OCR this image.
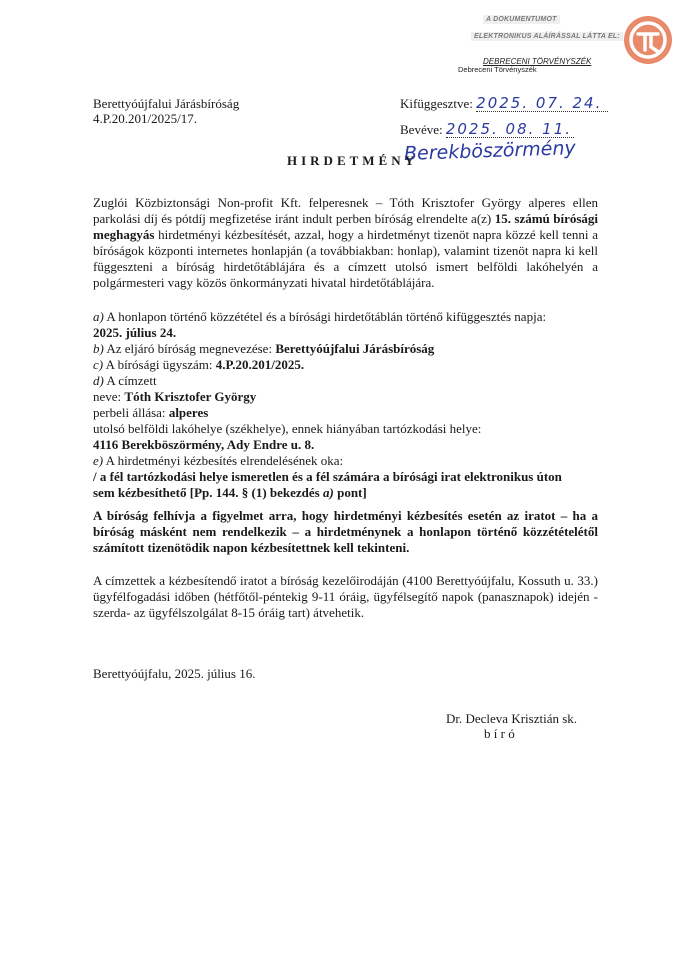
A DOKUMENTUMOT
ELEKTRONIKUS ALÁÍRÁSSAL LÁTTA EL:
DEBRECENI TÖRVÉNYSZÉK
Debreceni Törvényszék
Berettyóújfalui Járásbíróság
4.P.20.201/2025/17.
Kifüggesztve: 2025. 07. 24.
Bevéve: 2025. 08. 11.
Berekböszörmény
HIRDETMÉNY
Zuglói Közbiztonsági Non-profit Kft. felperesnek – Tóth Krisztofer György alperes ellen parkolási díj és pótdíj megfizetése iránt indult perben bíróság elrendelte a(z) 15. számú bírósági meghagyás hirdetményi kézbesítését, azzal, hogy a hirdetményt tizenöt napra közzé kell tenni a bíróságok központi internetes honlapján (a továbbiakban: honlap), valamint tizenöt napra ki kell függeszteni a bíróság hirdetőtáblájára és a címzett utolsó ismert belföldi lakóhelyén a polgármesteri vagy közös önkormányzati hivatal hirdetőtáblájára.
a) A honlapon történő közzététel és a bírósági hirdetőtáblán történő kifüggesztés napja:
2025. július 24.
b) Az eljáró bíróság megnevezése: Berettyóújfalui Járásbíróság
c) A bírósági ügyszám: 4.P.20.201/2025.
d) A címzett
neve: Tóth Krisztofer György
perbeli állása: alperes
utolsó belföldi lakóhelye (székhelye), ennek hiányában tartózkodási helye:
4116 Berekböszörmény, Ady Endre u. 8.
e) A hirdetményi kézbesítés elrendelésének oka:
/ a fél tartózkodási helye ismeretlen és a fél számára a bírósági irat elektronikus úton
sem kézbesíthető [Pp. 144. § (1) bekezdés a) pont]
A bíróság felhívja a figyelmet arra, hogy hirdetményi kézbesítés esetén az iratot – ha a bíróság másként nem rendelkezik – a hirdetménynek a honlapon történő közzétételétől számított tizenötödik napon kézbesítettnek kell tekinteni.
A címzettek a kézbesítendő iratot a bíróság kezelőirodáján (4100 Berettyóújfalu, Kossuth u. 33.) ügyfélfogadási időben (hétfőtől-péntekig 9-11 óráig, ügyfélsegítő napok (panasznapok) idején -szerda- az ügyfélszolgálat 8-15 óráig tart) átvehetik.
Berettyóújfalu, 2025. július 16.
Dr. Decleva Krisztián sk.
b í r ó
